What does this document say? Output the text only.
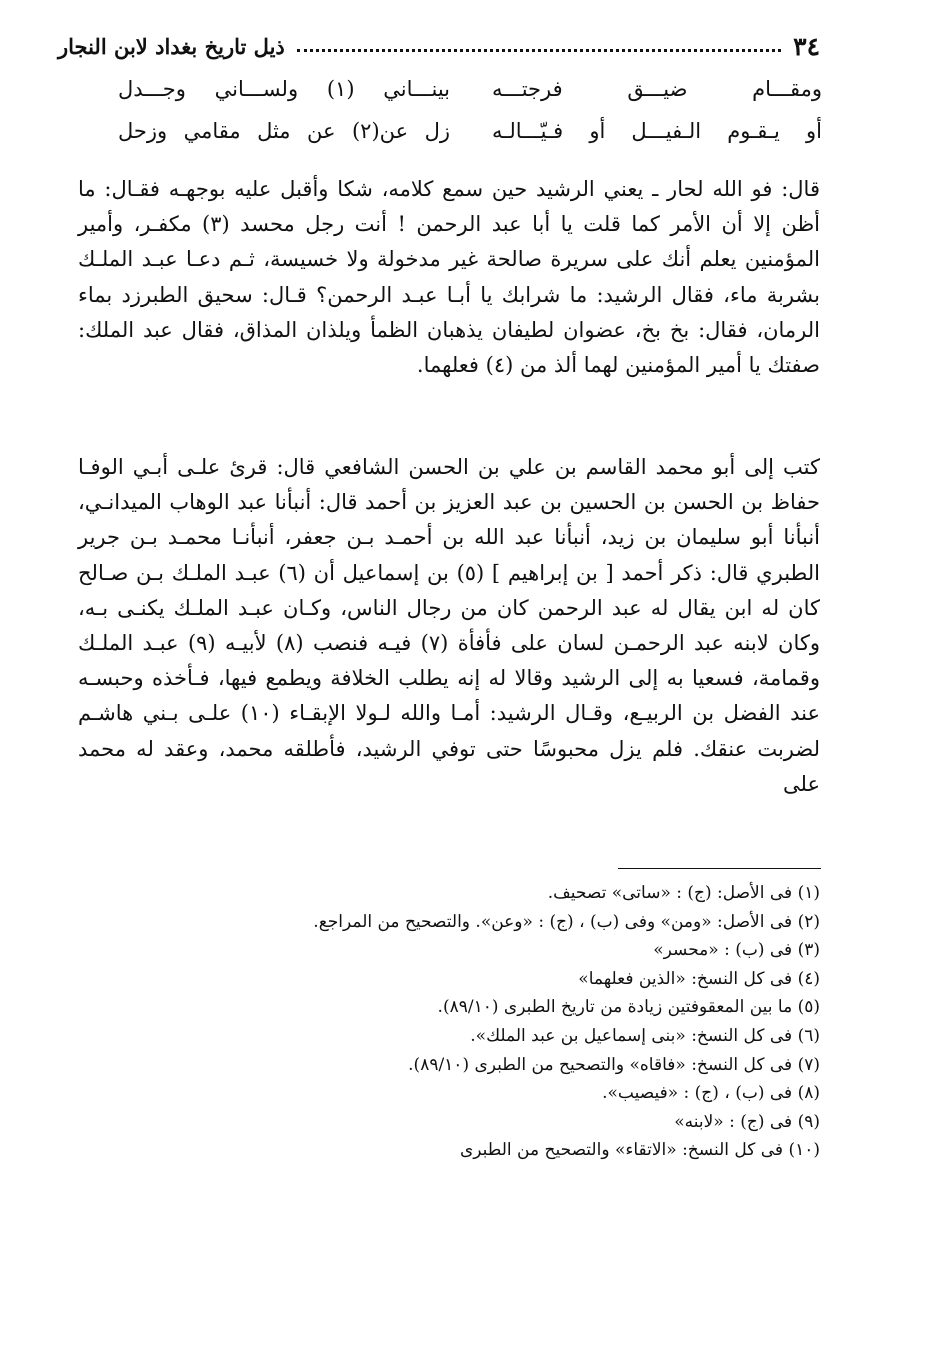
٣٤
ذيل تاريخ بغداد لابن النجار
ومقـــام ضيـــق فرجتـــه
بينـــاني (١) ولســـاني وجـــدل
أو يـقـوم الـفيـــل أو فـيّـــالـه
زل عن(٢) عن مثل مقامي وزحل

قال: فو الله لحار ـ يعني الرشيد حين سمع كلامه، شكا وأقبل عليه بوجهـه فقـال: ما أظن إلا أن الأمر كما قلت يا أبا عبد الرحمن ! أنت رجل محسد (٣) مكفـر، وأمير المؤمنين يعلم أنك على سريرة صالحة غير مدخولة ولا خسيسة، ثـم دعـا عبـد الملـك بشربة ماء، فقال الرشيد: ما شرابك يا أبـا عبـد الرحمن؟ قـال: سحيق الطبرزد بماء الرمان، فقال: بخ بخ، عضوان لطيفان يذهبان الظمأ ويلذان المذاق، فقال عبد الملك: صفتك يا أمير المؤمنين لهما ألذ من (٤) فعلهما.

كتب إلى أبو محمد القاسم بن علي بن الحسن الشافعي قال: قرئ علـى أبـي الوفـا حفاظ بن الحسن بن الحسين بن عبد العزيز بن أحمد قال: أنبأنا عبد الوهاب الميدانـي، أنبأنا أبو سليمان بن زيد، أنبأنا عبد الله بن أحمـد بـن جعفر، أنبأنـا محمـد بـن جرير الطبري قال: ذكر أحمد [ بن إبراهيم ] (٥) بن إسماعيل أن (٦) عبـد الملـك بـن صـالح كان له ابن يقال له عبد الرحمن كان من رجال الناس، وكـان عبـد الملـك يكنـى بـه، وكان لابنه عبد الرحمـن لسان على فأفأة (٧) فيـه فنصب (٨) لأبيـه (٩) عبـد الملـك وقمامة، فسعيا به إلى الرشيد وقالا له إنه يطلب الخلافة ويطمع فيها، فـأخذه وحبسـه عند الفضل بن الربيـع، وقـال الرشيد: أمـا والله لـولا الإبقـاء (١٠) علـى بـني هاشـم لضربت عنقك. فلم يزل محبوسًا حتى توفي الرشيد، فأطلقه محمد، وعقد له محمد على

(١) فى الأصل: (ج) : «ساتى» تصحيف.
(٢) فى الأصل: «ومن» وفى (ب) ، (ج) : «وعن». والتصحيح من المراجع.
(٣) فى (ب) : «محسر»
(٤) فى كل النسخ: «الذين فعلهما»
(٥) ما بين المعقوفتين زيادة من تاريخ الطبرى (٨٩/١٠).
(٦) فى كل النسخ: «بنى إسماعيل بن عبد الملك».
(٧) فى كل النسخ: «فاقاه» والتصحيح من الطبرى (٨٩/١٠).
(٨) فى (ب) ، (ج) : «فيصيب».
(٩) فى (ج) : «لابنه»
(١٠) فى كل النسخ: «الاتقاء» والتصحيح من الطبرى
